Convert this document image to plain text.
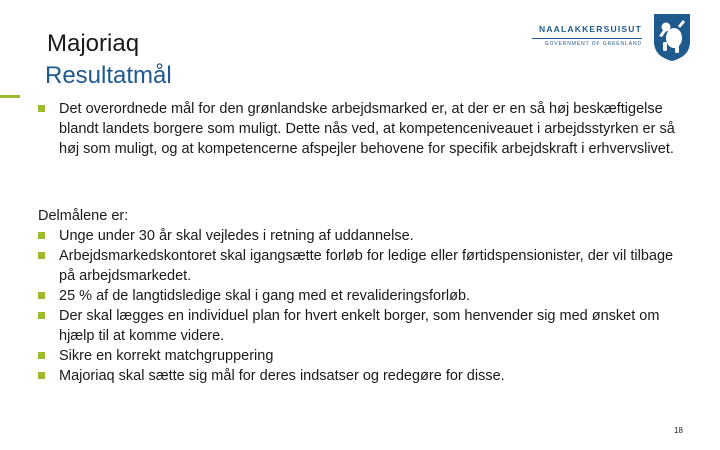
Majoriaq
Resultatmål
NAALAKKERSUISUT
GOVERNMENT OF GREENLAND
Det overordnede mål for den grønlandske arbejdsmarked er, at der er en så høj beskæftigelse blandt landets borgere som muligt. Dette nås ved, at kompetenceniveauet i arbejdsstyrken er så høj som muligt, og at kompetencerne afspejler behovene for specifik arbejdskraft i erhvervslivet.
Delmålene er:
Unge under 30 år skal vejledes i retning af uddannelse.
Arbejdsmarkedskontoret skal igangsætte forløb for ledige eller førtidspensionister, der vil tilbage på arbejdsmarkedet.
25 % af de langtidsledige skal i gang med et revalideringsforløb.
Der skal lægges en individuel plan for hvert enkelt borger, som henvender sig med ønsket om hjælp til at komme videre.
Sikre en korrekt matchgruppering
Majoriaq skal sætte sig mål for deres indsatser og redegøre for disse.
18
